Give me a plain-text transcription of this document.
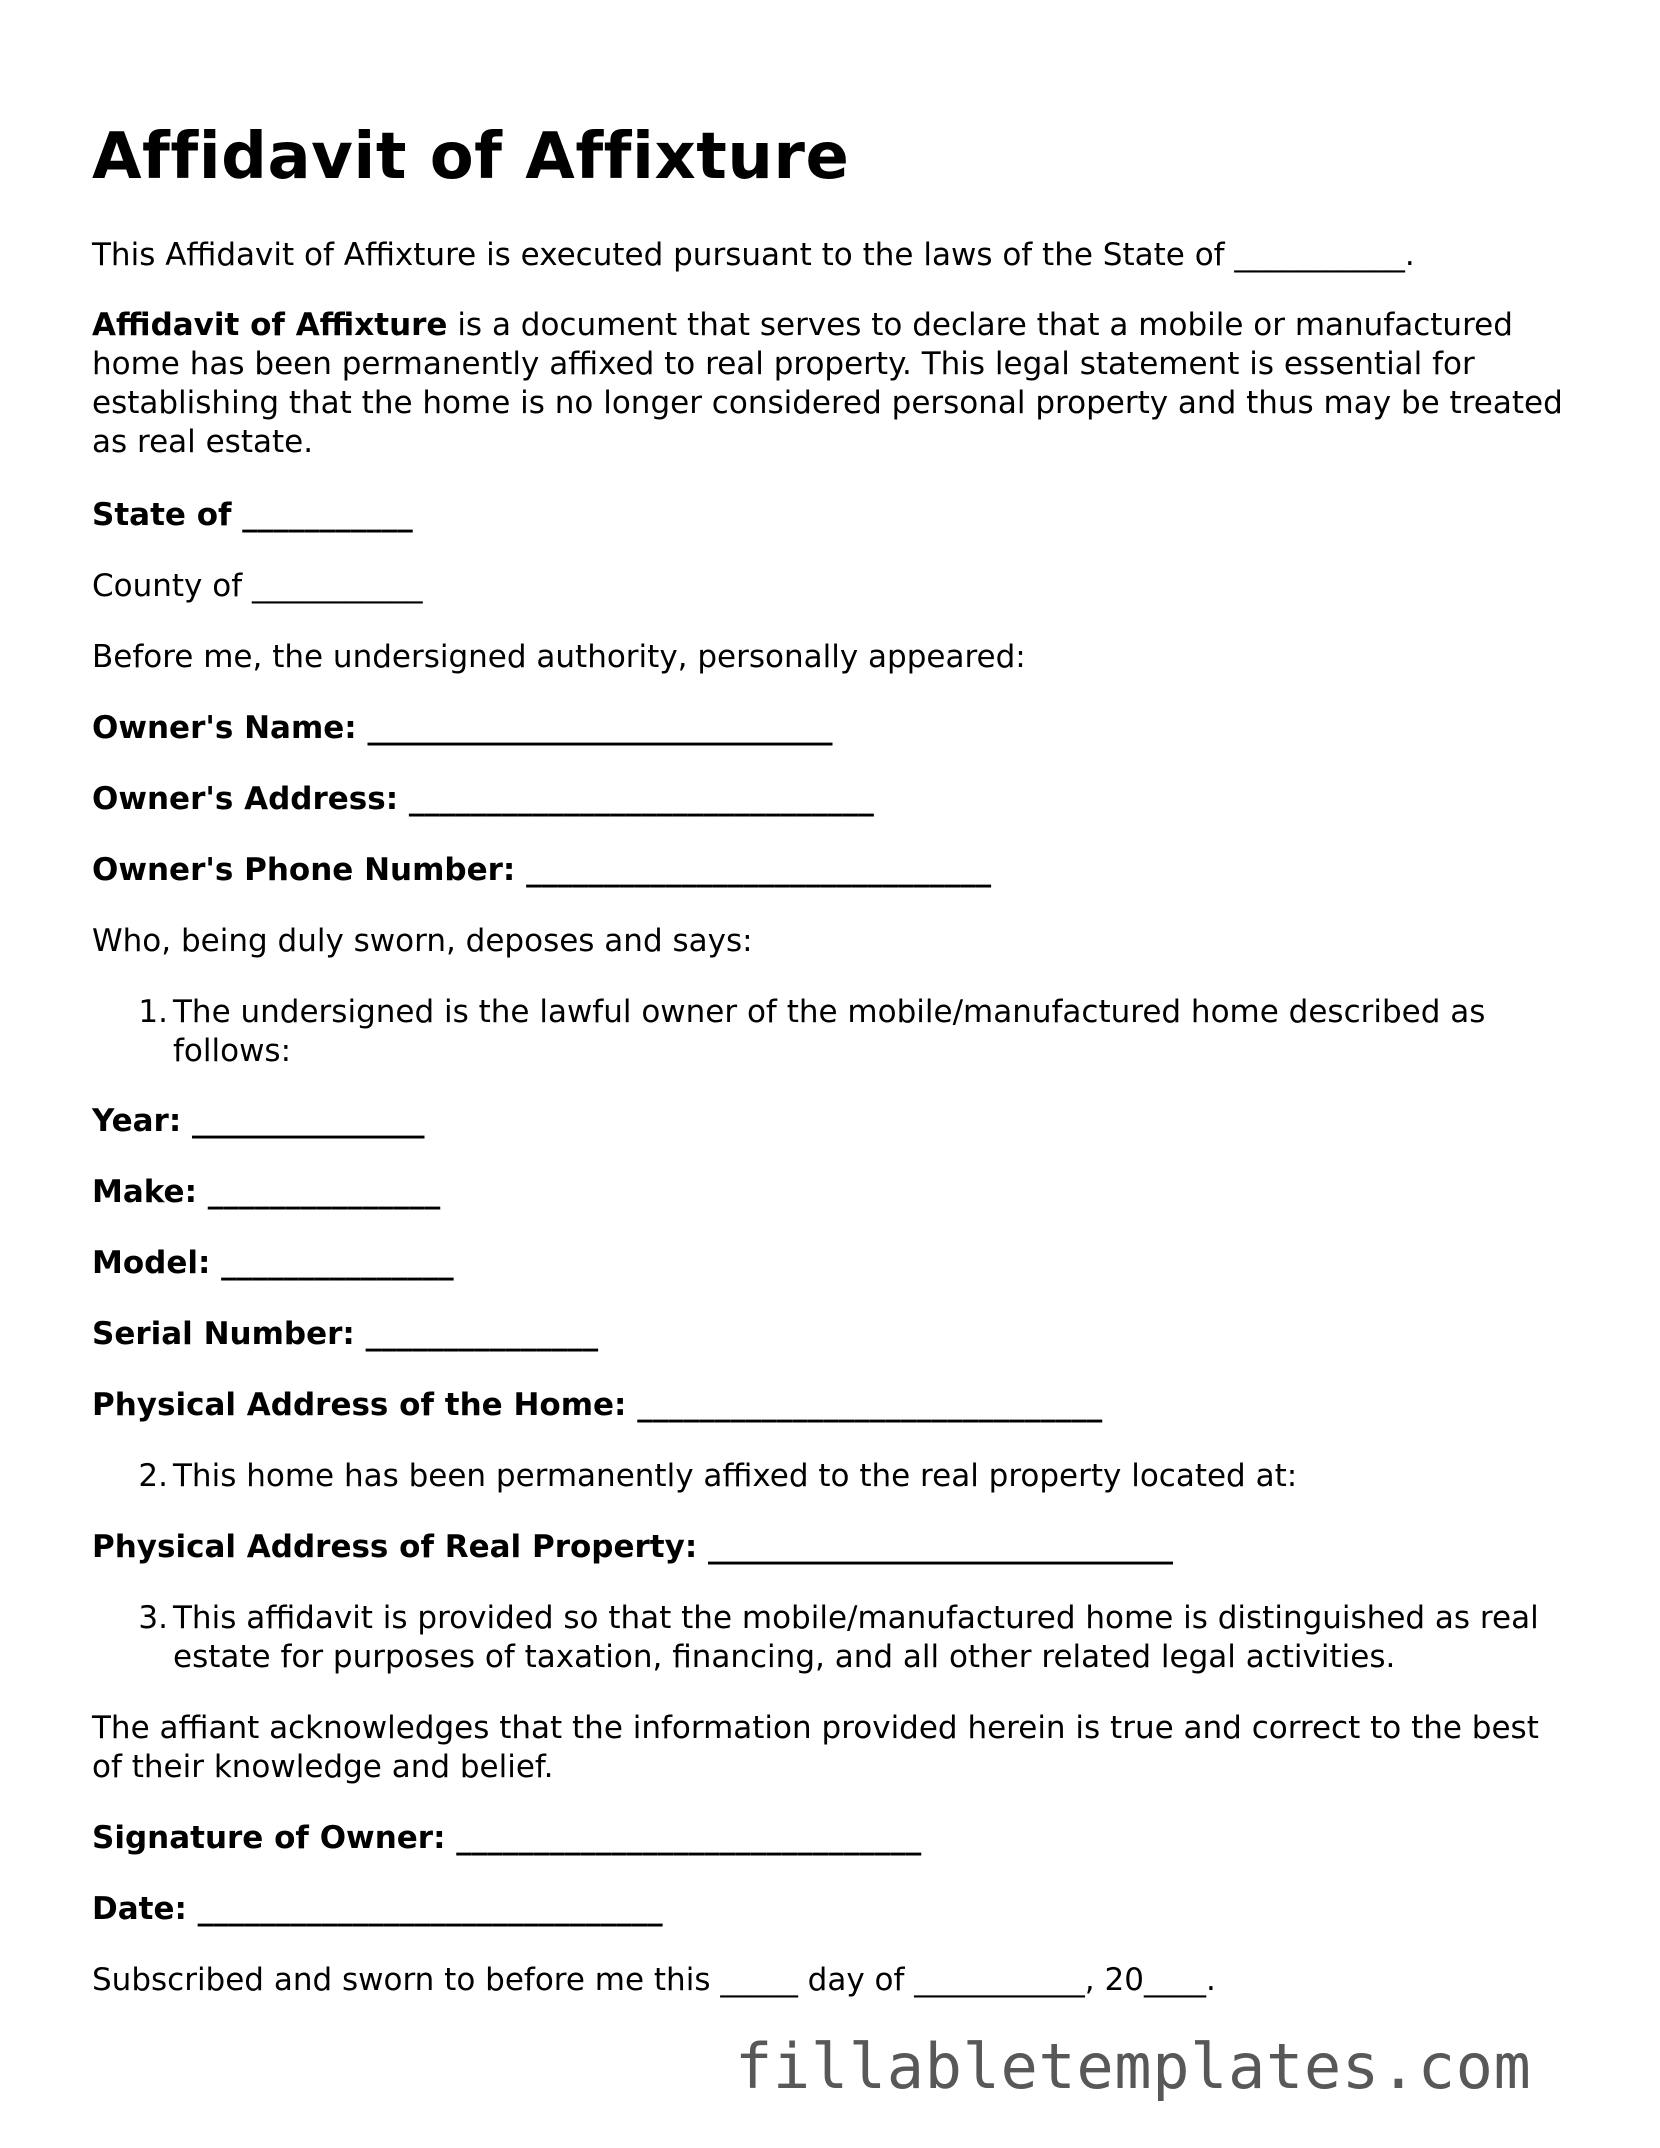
Affidavit of Affixture
This Affidavit of Affixture is executed pursuant to the laws of the State of ___________.
Affidavit of Affixture is a document that serves to declare that a mobile or manufactured home has been permanently affixed to real property. This legal statement is essential for establishing that the home is no longer considered personal property and thus may be treated as real estate.
State of ___________
County of ___________
Before me, the undersigned authority, personally appeared:
Owner's Name: ______________________________
Owner's Address: ______________________________
Owner's Phone Number: ______________________________
Who, being duly sworn, deposes and says:
1. The undersigned is the lawful owner of the mobile/manufactured home described as follows:
Year: _______________
Make: _______________
Model: _______________
Serial Number: _______________
Physical Address of the Home: ______________________________
2. This home has been permanently affixed to the real property located at:
Physical Address of Real Property: ______________________________
3. This affidavit is provided so that the mobile/manufactured home is distinguished as real estate for purposes of taxation, financing, and all other related legal activities.
The affiant acknowledges that the information provided herein is true and correct to the best of their knowledge and belief.
Signature of Owner: ______________________________
Date: ______________________________
Subscribed and sworn to before me this _____ day of ___________, 20____.
fillabletemplates.com
